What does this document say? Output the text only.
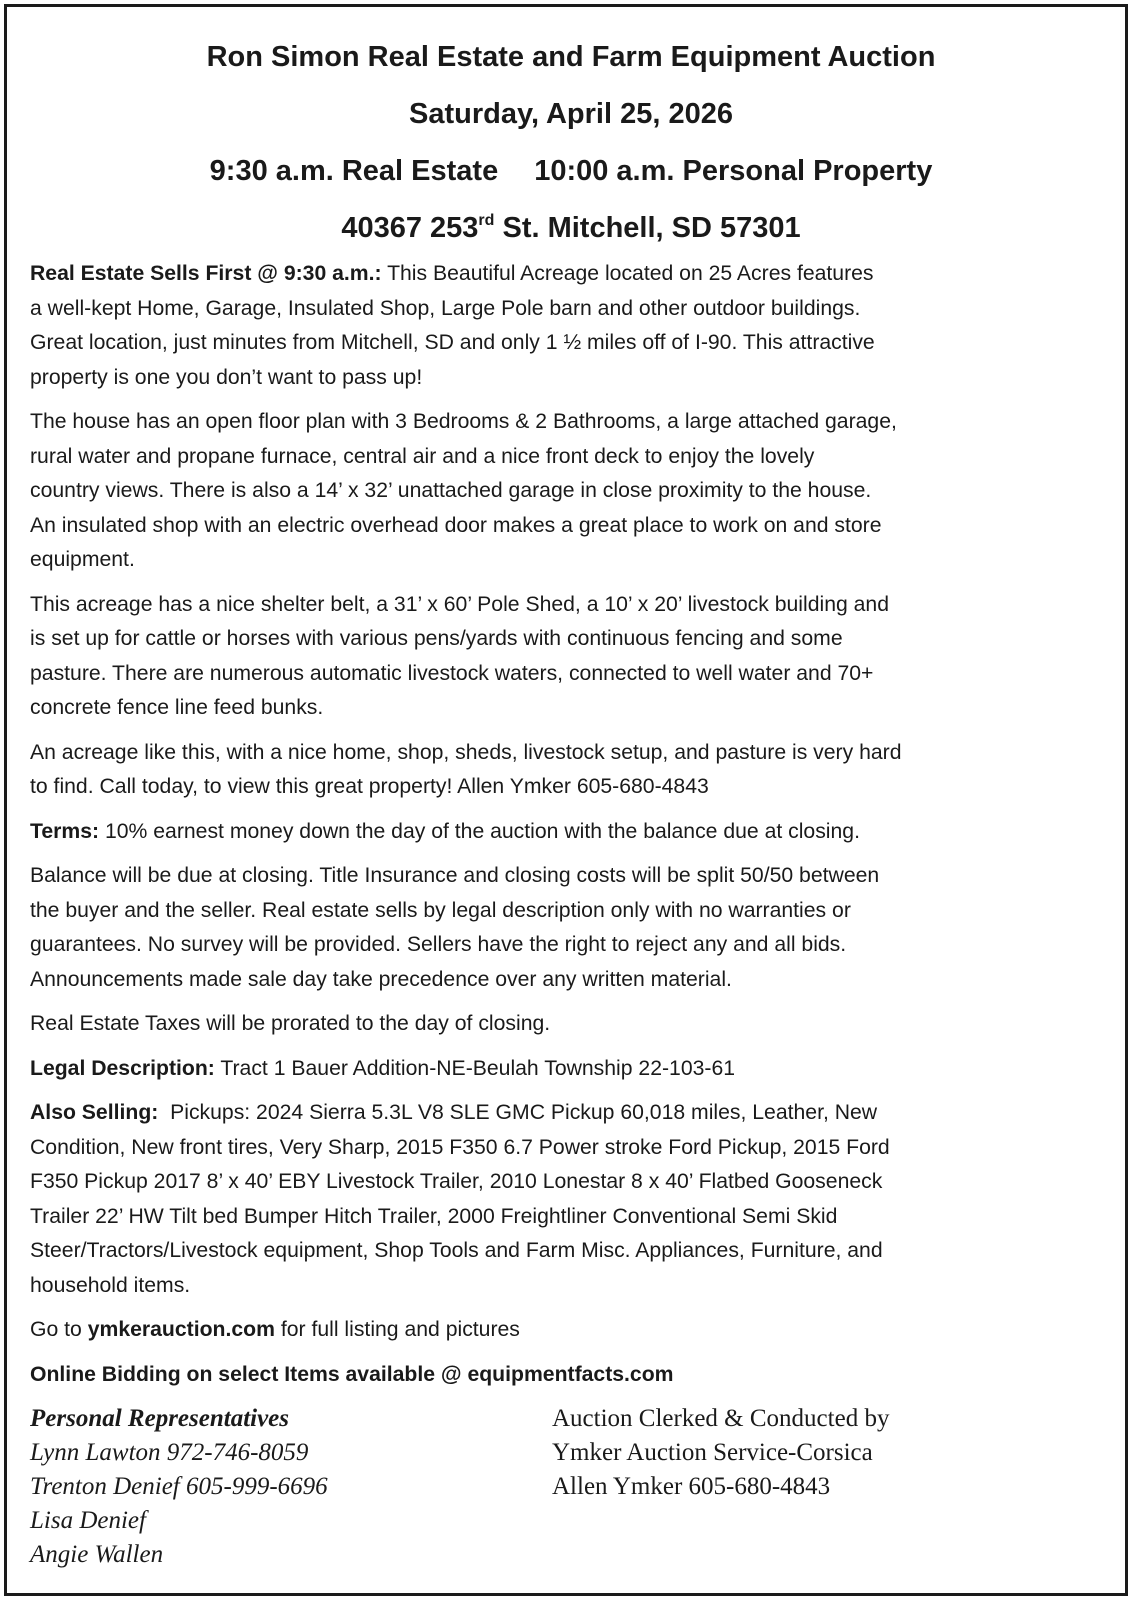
Ron Simon Real Estate and Farm Equipment Auction
Saturday, April 25, 2026
9:30 a.m. Real Estate 10:00 a.m. Personal Property
40367 253rd St. Mitchell, SD 57301
Real Estate Sells First @ 9:30 a.m.: This Beautiful Acreage located on 25 Acres features
a well-kept Home, Garage, Insulated Shop, Large Pole barn and other outdoor buildings.
Great location, just minutes from Mitchell, SD and only 1 ½ miles off of I-90. This attractive
property is one you don’t want to pass up!
The house has an open floor plan with 3 Bedrooms & 2 Bathrooms, a large attached garage,
rural water and propane furnace, central air and a nice front deck to enjoy the lovely
country views. There is also a 14’ x 32’ unattached garage in close proximity to the house.
An insulated shop with an electric overhead door makes a great place to work on and store
equipment.
This acreage has a nice shelter belt, a 31’ x 60’ Pole Shed, a 10’ x 20’ livestock building and
is set up for cattle or horses with various pens/yards with continuous fencing and some
pasture. There are numerous automatic livestock waters, connected to well water and 70+
concrete fence line feed bunks.
An acreage like this, with a nice home, shop, sheds, livestock setup, and pasture is very hard
to find. Call today, to view this great property! Allen Ymker 605-680-4843
Terms: 10% earnest money down the day of the auction with the balance due at closing.
Balance will be due at closing. Title Insurance and closing costs will be split 50/50 between
the buyer and the seller. Real estate sells by legal description only with no warranties or
guarantees. No survey will be provided. Sellers have the right to reject any and all bids.
Announcements made sale day take precedence over any written material.
Real Estate Taxes will be prorated to the day of closing.
Legal Description: Tract 1 Bauer Addition-NE-Beulah Township 22-103-61
Also Selling:  Pickups: 2024 Sierra 5.3L V8 SLE GMC Pickup 60,018 miles, Leather, New
Condition, New front tires, Very Sharp, 2015 F350 6.7 Power stroke Ford Pickup, 2015 Ford
F350 Pickup 2017 8’ x 40’ EBY Livestock Trailer, 2010 Lonestar 8 x 40’ Flatbed Gooseneck
Trailer 22’ HW Tilt bed Bumper Hitch Trailer, 2000 Freightliner Conventional Semi Skid
Steer/Tractors/Livestock equipment, Shop Tools and Farm Misc. Appliances, Furniture, and
household items.
Go to ymkerauction.com for full listing and pictures
Online Bidding on select Items available @ equipmentfacts.com
Personal Representatives
Lynn Lawton 972-746-8059
Trenton Denief 605-999-6696
Lisa Denief
Angie Wallen
Auction Clerked & Conducted by
Ymker Auction Service-Corsica
Allen Ymker 605-680-4843
